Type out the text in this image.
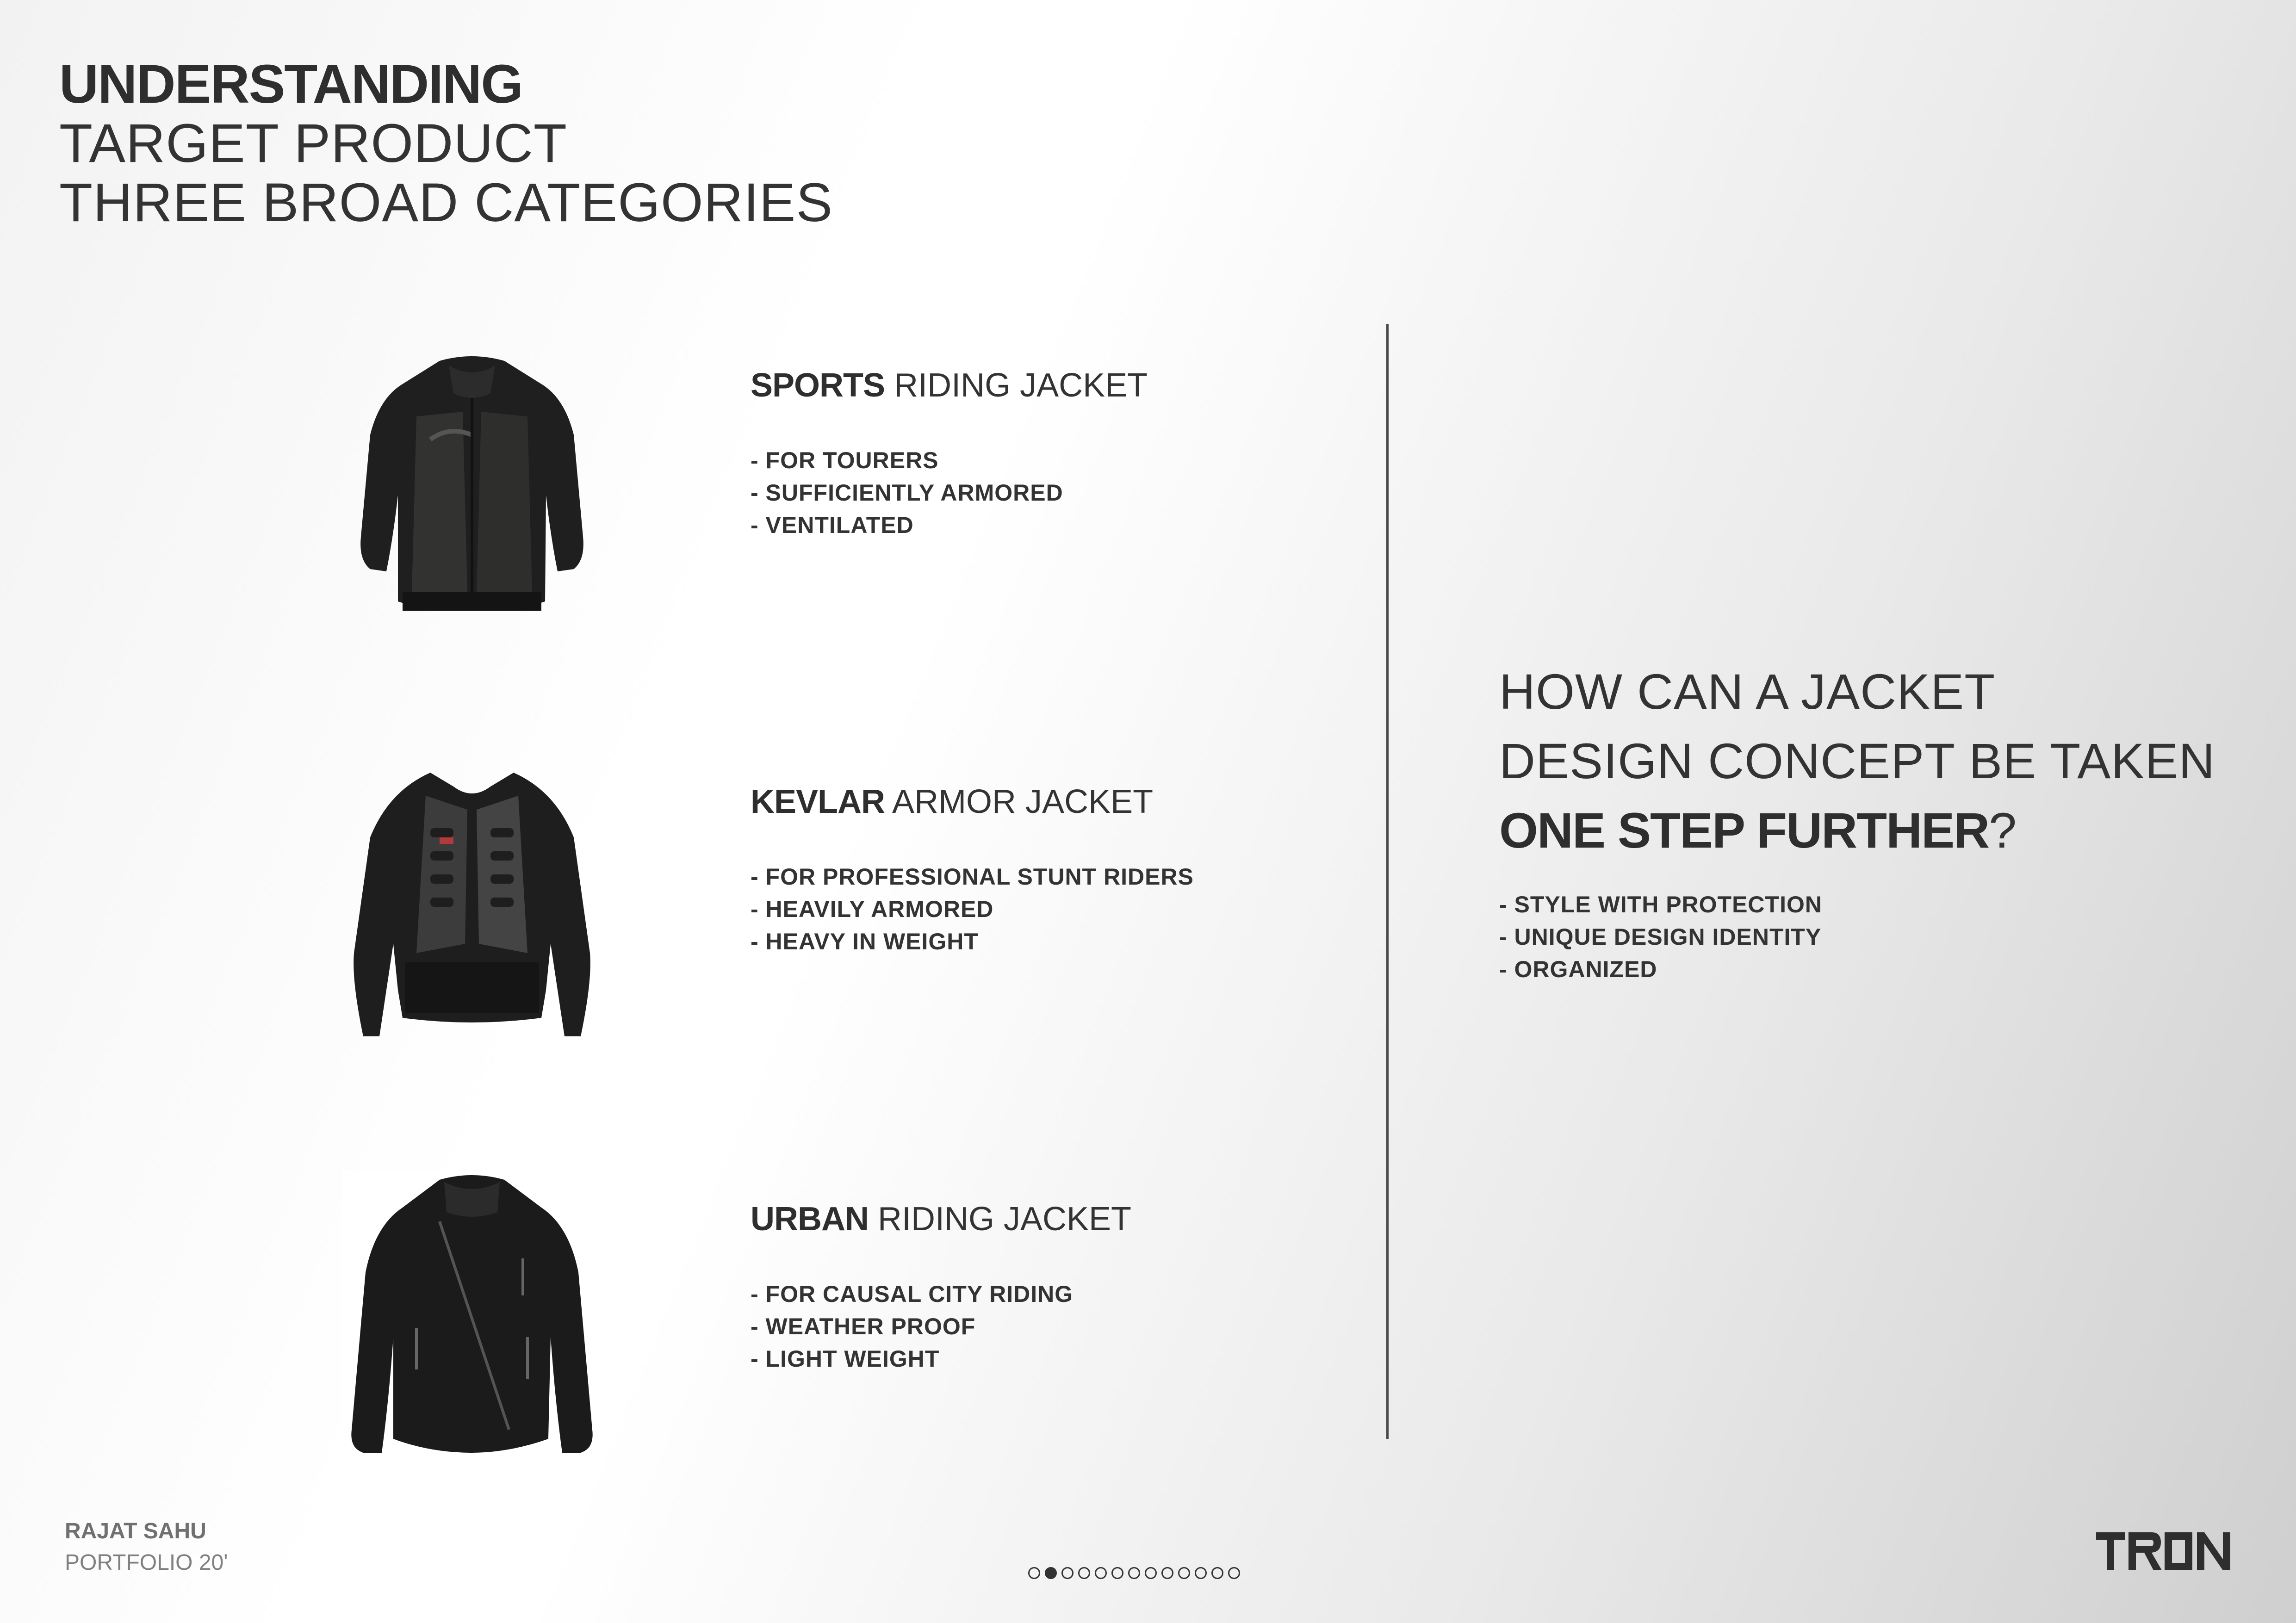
UNDERSTANDING
TARGET PRODUCT
THREE BROAD CATEGORIES
SPORTS RIDING JACKET
- FOR TOURERS
- SUFFICIENTLY ARMORED
- VENTILATED
KEVLAR ARMOR JACKET
- FOR PROFESSIONAL STUNT RIDERS
- HEAVILY ARMORED
- HEAVY IN WEIGHT
URBAN RIDING JACKET
- FOR CAUSAL CITY RIDING
- WEATHER PROOF
- LIGHT WEIGHT
HOW CAN A JACKET
DESIGN CONCEPT BE TAKEN
ONE STEP FURTHER?
- STYLE WITH PROTECTION
- UNIQUE DESIGN IDENTITY
- ORGANIZED
RAJAT SAHU
PORTFOLIO 20'
